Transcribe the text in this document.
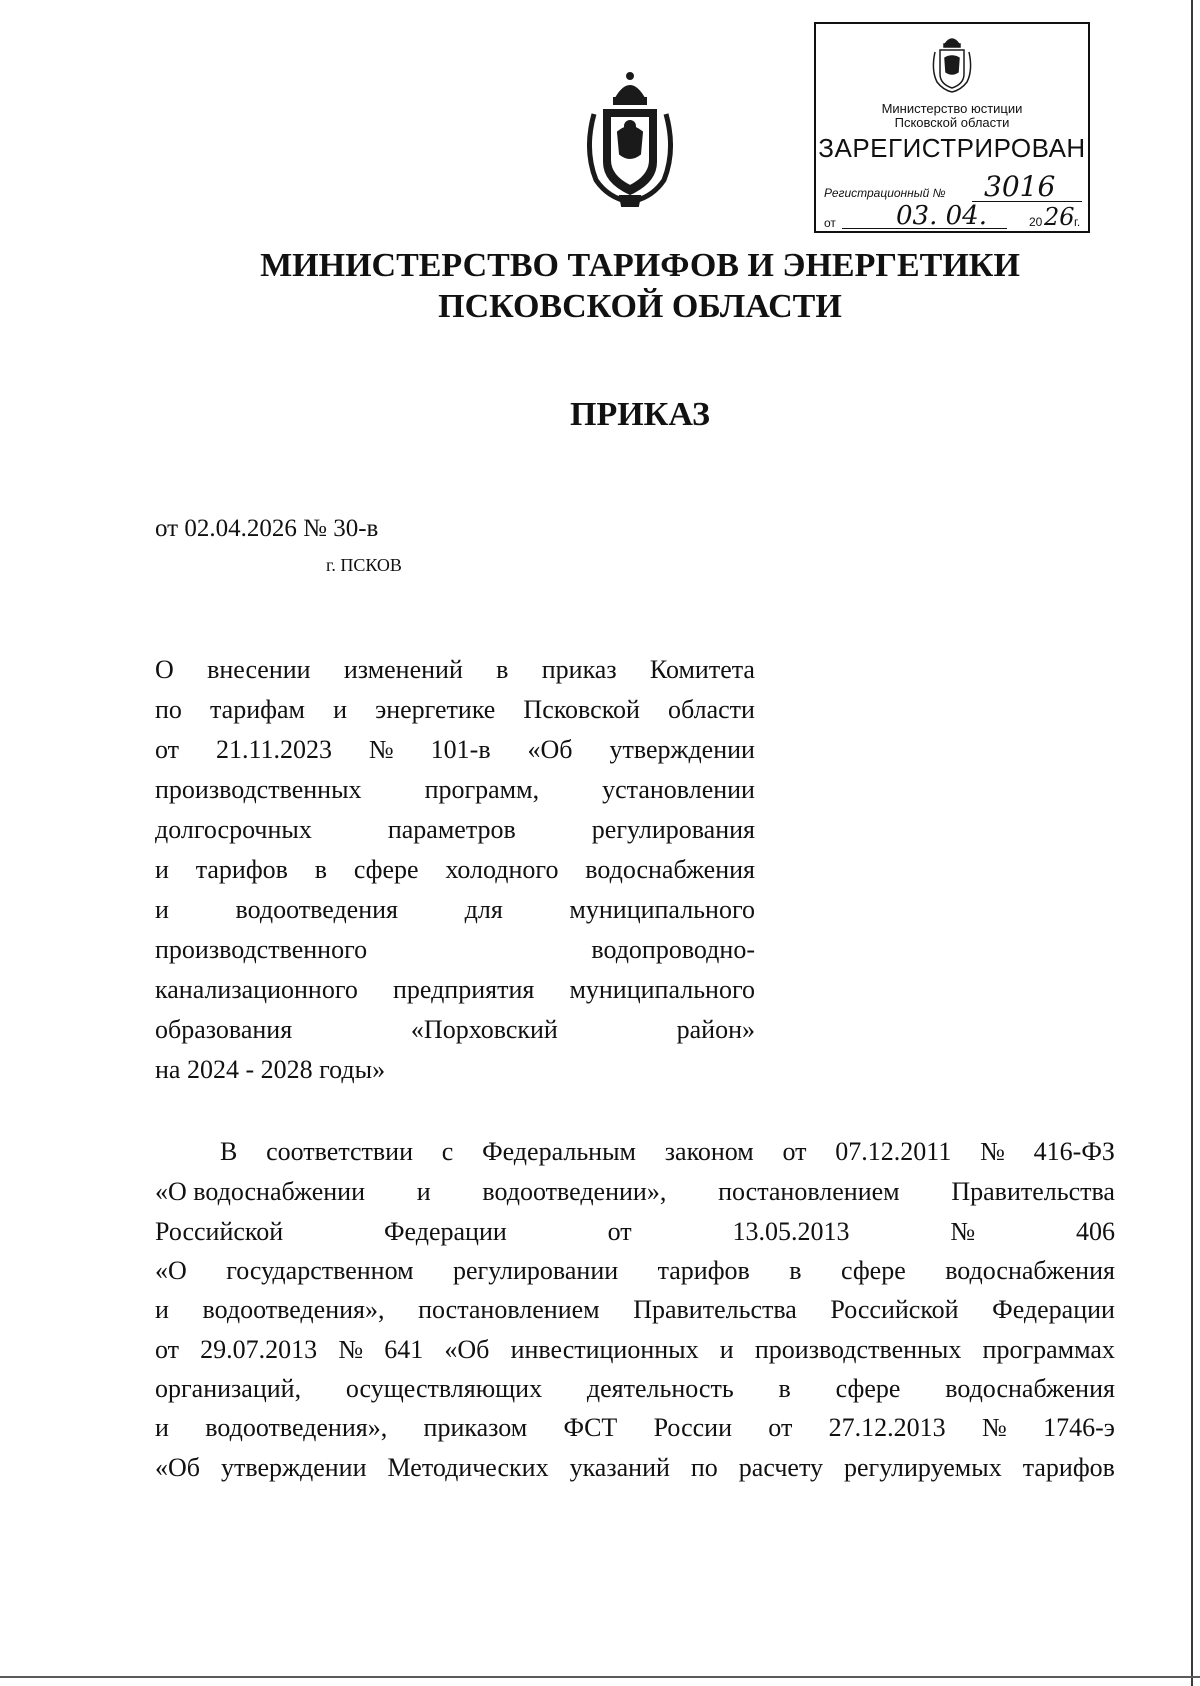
Министерство юстиции
Псковской области
ЗАРЕГИСТРИРОВАН
Регистрационный № 3016
от 03. 04.	20 26 г.
МИНИСТЕРСТВО ТАРИФОВ И ЭНЕРГЕТИКИ
ПСКОВСКОЙ ОБЛАСТИ
ПРИКАЗ
от 02.04.2026 № 30-в
г. ПСКОВ
О внесении изменений в приказ Комитета
по тарифам и энергетике Псковской области
от 21.11.2023 № 101-в «Об утверждении
производственных программ, установлении
долгосрочных	параметров	регулирования
и тарифов в сфере холодного водоснабжения
и	водоотведения	для	муниципального
производственного	водопроводно-
канализационного предприятия муниципального
образования	«Порховский	район»
на 2024 - 2028 годы»
В соответствии с Федеральным законом от 07.12.2011 № 416-ФЗ
«О водоснабжении и водоотведении», постановлением Правительства
Российской	Федерации	от	13.05.2013	№	406
«О государственном регулировании тарифов в сфере водоснабжения
и водоотведения», постановлением Правительства Российской Федерации
от 29.07.2013 № 641 «Об инвестиционных и производственных программах
организаций, осуществляющих деятельность в сфере водоснабжения
и водоотведения», приказом ФСТ России от 27.12.2013 № 1746-э
«Об утверждении Методических указаний по расчету регулируемых тарифов
